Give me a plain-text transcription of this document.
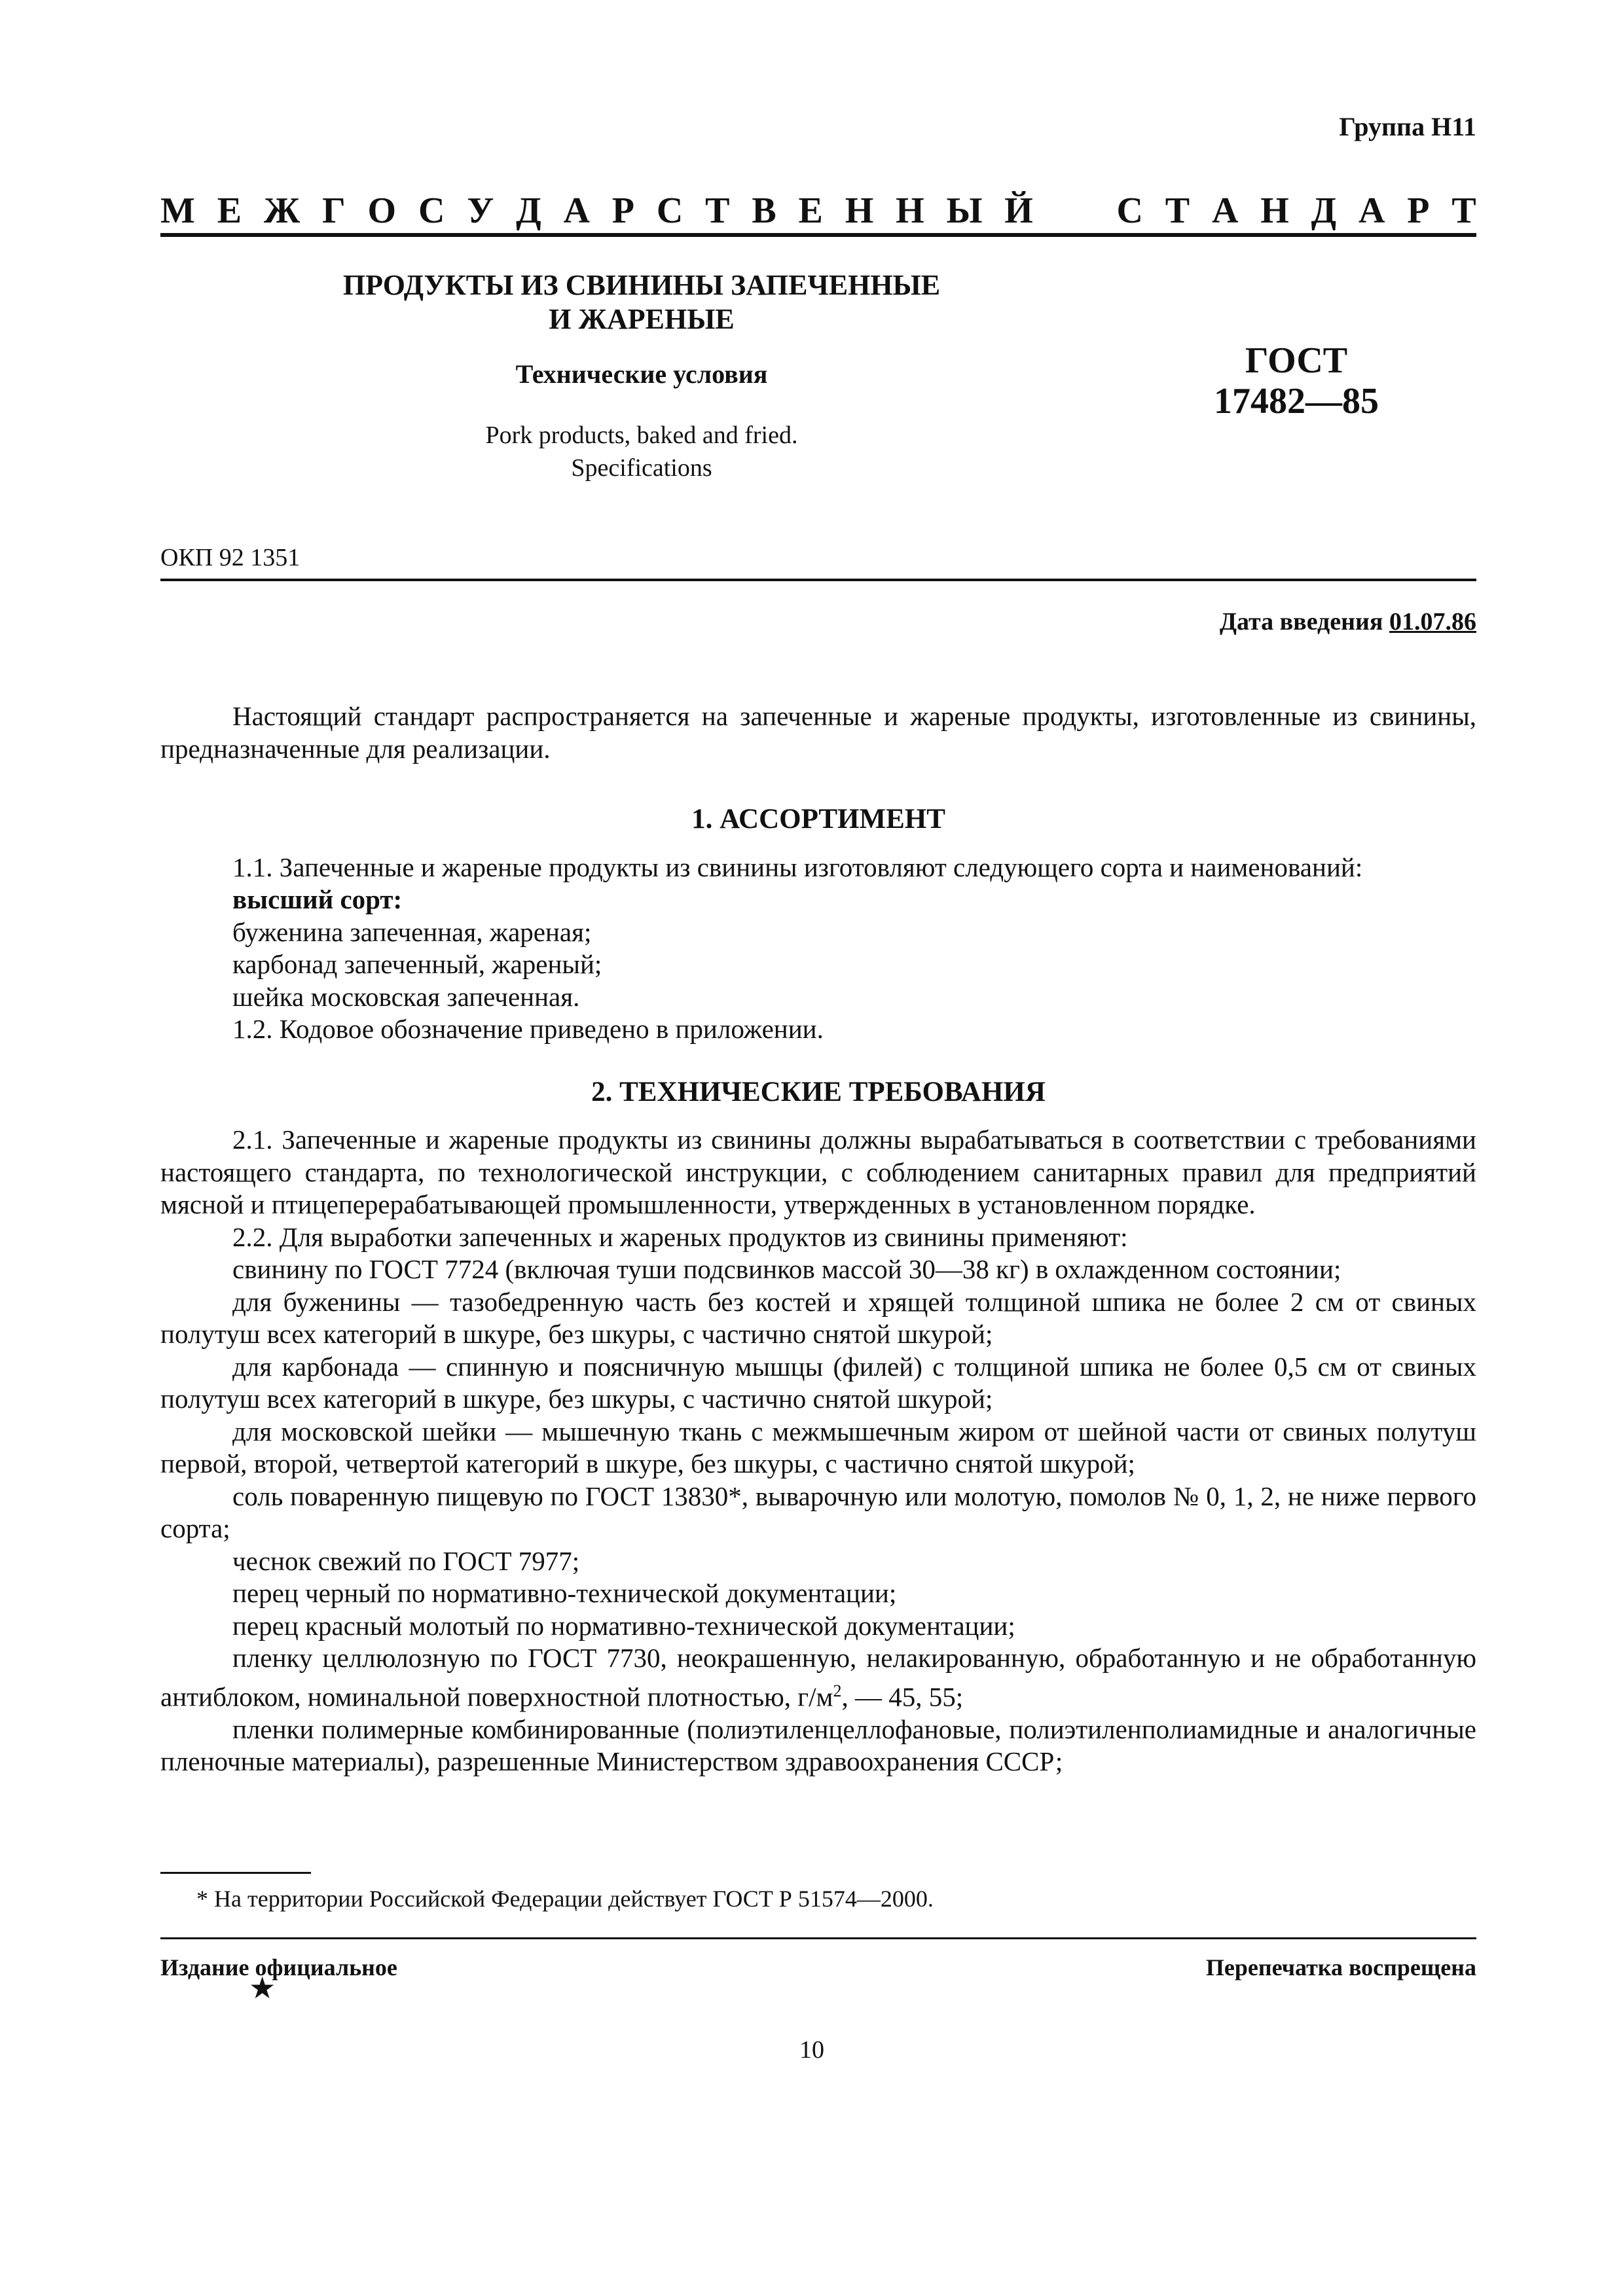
Группа Н11
М Е Ж Г О С У Д А Р С Т В Е Н Н Ы Й С Т А Н Д А Р Т
ПРОДУКТЫ ИЗ СВИНИНЫ ЗАПЕЧЕННЫЕ
И ЖАРЕНЫЕ
Технические условия
Pork products, baked and fried.
Specifications
ГОСТ
17482—85
ОКП 92 1351
Дата введения 01.07.86

Настоящий стандарт распространяется на запеченные и жареные продукты, изготовленные из свинины, предназначенные для реализации.

1. АССОРТИМЕНТ

1.1. Запеченные и жареные продукты из свинины изготовляют следующего сорта и наименований:

высший сорт:

буженина запеченная, жареная;

карбонад запеченный, жареный;

шейка московская запеченная.

1.2. Кодовое обозначение приведено в приложении.

2. ТЕХНИЧЕСКИЕ ТРЕБОВАНИЯ

2.1. Запеченные и жареные продукты из свинины должны вырабатываться в соответствии с требованиями настоящего стандарта, по технологической инструкции, с соблюдением санитарных правил для предприятий мясной и птицеперерабатывающей промышленности, утвержденных в установленном порядке.

2.2. Для выработки запеченных и жареных продуктов из свинины применяют:

свинину по ГОСТ 7724 (включая туши подсвинков массой 30—38 кг) в охлажденном состоянии;

для буженины — тазобедренную часть без костей и хрящей толщиной шпика не более 2 см от свиных полутуш всех категорий в шкуре, без шкуры, с частично снятой шкурой;

для карбонада — спинную и поясничную мышцы (филей) с толщиной шпика не более 0,5 см от свиных полутуш всех категорий в шкуре, без шкуры, с частично снятой шкурой;

для московской шейки — мышечную ткань с межмышечным жиром от шейной части от свиных полутуш первой, второй, четвертой категорий в шкуре, без шкуры, с частично снятой шкурой;

соль поваренную пищевую по ГОСТ 13830*, выварочную или молотую, помолов № 0, 1, 2, не ниже первого сорта;

чеснок свежий по ГОСТ 7977;

перец черный по нормативно-технической документации;

перец красный молотый по нормативно-технической документации;

пленку целлюлозную по ГОСТ 7730, неокрашенную, нелакированную, обработанную и не обработанную антиблоком, номинальной поверхностной плотностью, $г/м^2$, — 45, 55;

пленки полимерные комбинированные (полиэтиленцеллофановые, полиэтиленполиамидные и аналогичные пленочные материалы), разрешенные Министерством здравоохранения СССР;

* На территории Российской Федерации действует ГОСТ Р 51574—2000.
Издание официальное
★
Перепечатка воспрещена
10
